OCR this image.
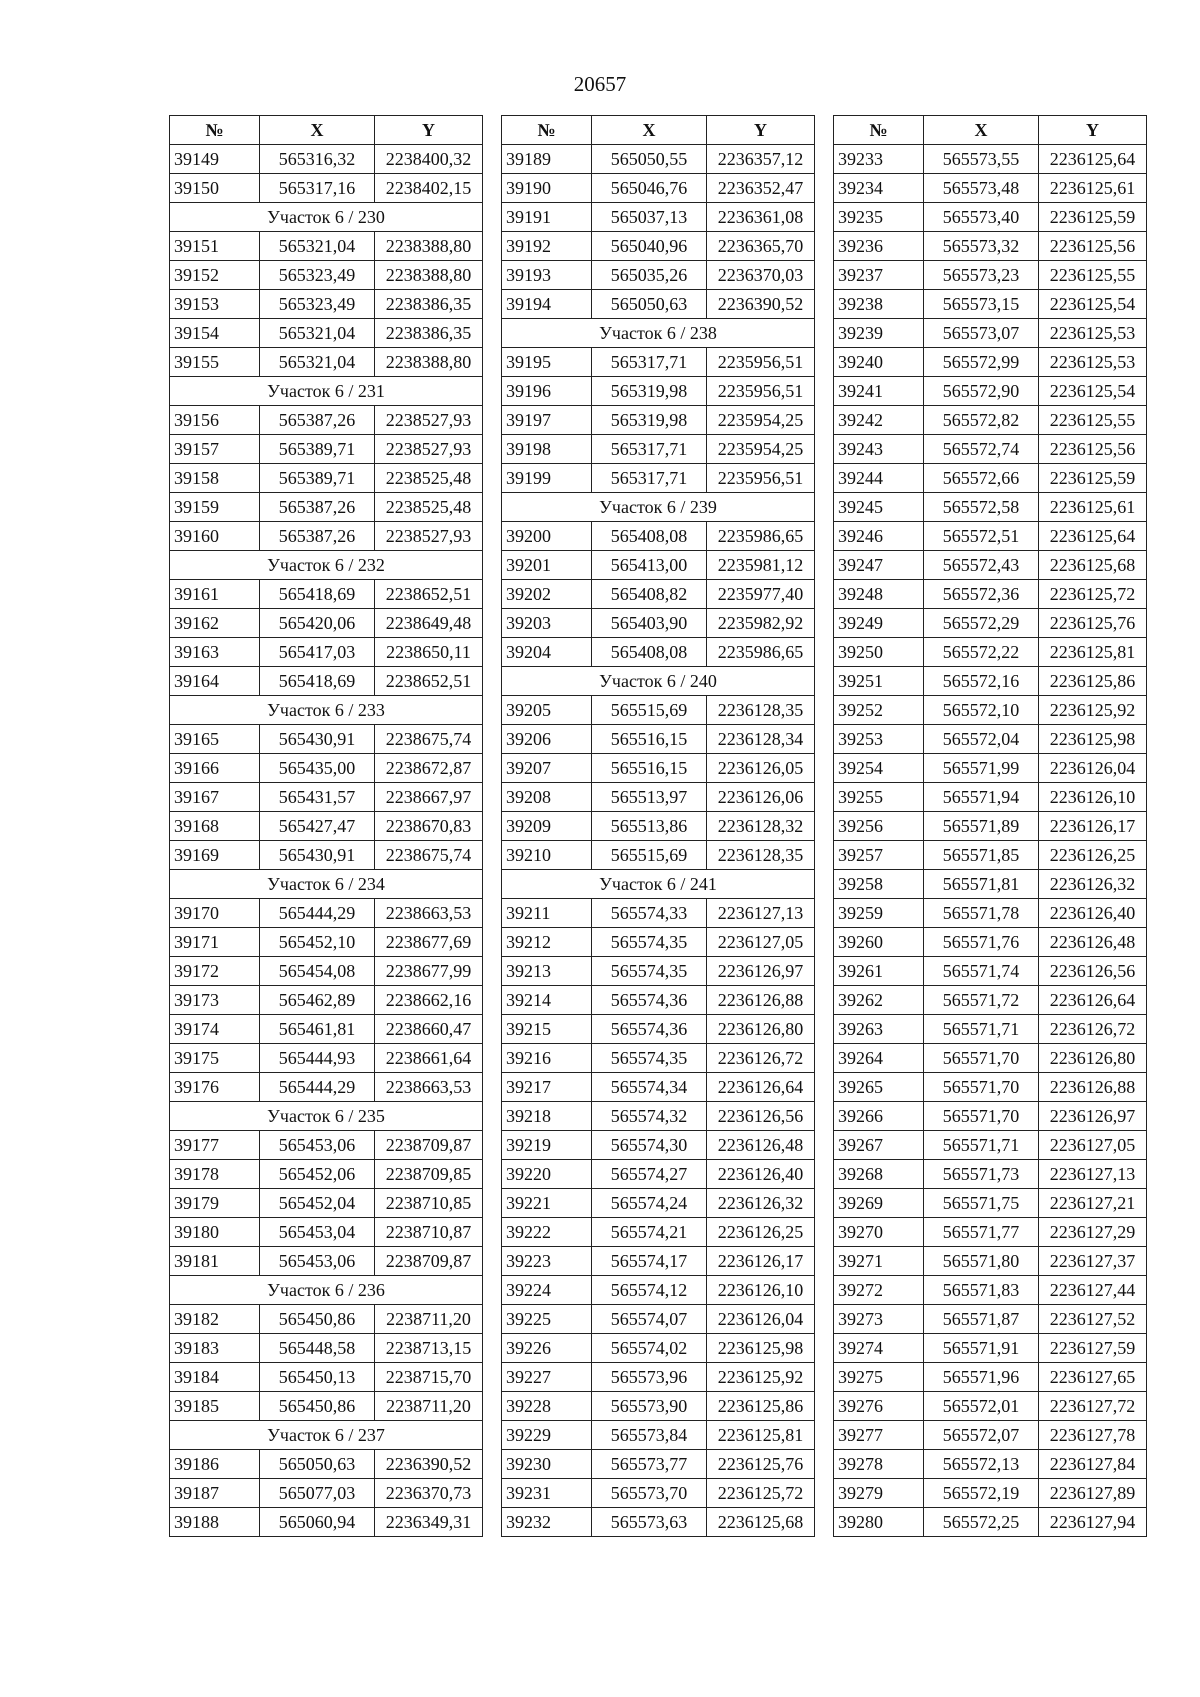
20657
№	X	Y
39149	565316,32	2238400,32
39150	565317,16	2238402,15
Участок 6 / 230		
39151	565321,04	2238388,80
39152	565323,49	2238388,80
39153	565323,49	2238386,35
39154	565321,04	2238386,35
39155	565321,04	2238388,80
Участок 6 / 231		
39156	565387,26	2238527,93
39157	565389,71	2238527,93
39158	565389,71	2238525,48
39159	565387,26	2238525,48
39160	565387,26	2238527,93
Участок 6 / 232		
39161	565418,69	2238652,51
39162	565420,06	2238649,48
39163	565417,03	2238650,11
39164	565418,69	2238652,51
Участок 6 / 233		
39165	565430,91	2238675,74
39166	565435,00	2238672,87
39167	565431,57	2238667,97
39168	565427,47	2238670,83
39169	565430,91	2238675,74
Участок 6 / 234		
39170	565444,29	2238663,53
39171	565452,10	2238677,69
39172	565454,08	2238677,99
39173	565462,89	2238662,16
39174	565461,81	2238660,47
39175	565444,93	2238661,64
39176	565444,29	2238663,53
Участок 6 / 235		
39177	565453,06	2238709,87
39178	565452,06	2238709,85
39179	565452,04	2238710,85
39180	565453,04	2238710,87
39181	565453,06	2238709,87
Участок 6 / 236		
39182	565450,86	2238711,20
39183	565448,58	2238713,15
39184	565450,13	2238715,70
39185	565450,86	2238711,20
Участок 6 / 237		
39186	565050,63	2236390,52
39187	565077,03	2236370,73
39188	565060,94	2236349,31
№	X	Y
39189	565050,55	2236357,12
39190	565046,76	2236352,47
39191	565037,13	2236361,08
39192	565040,96	2236365,70
39193	565035,26	2236370,03
39194	565050,63	2236390,52
Участок 6 / 238		
39195	565317,71	2235956,51
39196	565319,98	2235956,51
39197	565319,98	2235954,25
39198	565317,71	2235954,25
39199	565317,71	2235956,51
Участок 6 / 239		
39200	565408,08	2235986,65
39201	565413,00	2235981,12
39202	565408,82	2235977,40
39203	565403,90	2235982,92
39204	565408,08	2235986,65
Участок 6 / 240		
39205	565515,69	2236128,35
39206	565516,15	2236128,34
39207	565516,15	2236126,05
39208	565513,97	2236126,06
39209	565513,86	2236128,32
39210	565515,69	2236128,35
Участок 6 / 241		
39211	565574,33	2236127,13
39212	565574,35	2236127,05
39213	565574,35	2236126,97
39214	565574,36	2236126,88
39215	565574,36	2236126,80
39216	565574,35	2236126,72
39217	565574,34	2236126,64
39218	565574,32	2236126,56
39219	565574,30	2236126,48
39220	565574,27	2236126,40
39221	565574,24	2236126,32
39222	565574,21	2236126,25
39223	565574,17	2236126,17
39224	565574,12	2236126,10
39225	565574,07	2236126,04
39226	565574,02	2236125,98
39227	565573,96	2236125,92
39228	565573,90	2236125,86
39229	565573,84	2236125,81
39230	565573,77	2236125,76
39231	565573,70	2236125,72
39232	565573,63	2236125,68
№	X	Y
39233	565573,55	2236125,64
39234	565573,48	2236125,61
39235	565573,40	2236125,59
39236	565573,32	2236125,56
39237	565573,23	2236125,55
39238	565573,15	2236125,54
39239	565573,07	2236125,53
39240	565572,99	2236125,53
39241	565572,90	2236125,54
39242	565572,82	2236125,55
39243	565572,74	2236125,56
39244	565572,66	2236125,59
39245	565572,58	2236125,61
39246	565572,51	2236125,64
39247	565572,43	2236125,68
39248	565572,36	2236125,72
39249	565572,29	2236125,76
39250	565572,22	2236125,81
39251	565572,16	2236125,86
39252	565572,10	2236125,92
39253	565572,04	2236125,98
39254	565571,99	2236126,04
39255	565571,94	2236126,10
39256	565571,89	2236126,17
39257	565571,85	2236126,25
39258	565571,81	2236126,32
39259	565571,78	2236126,40
39260	565571,76	2236126,48
39261	565571,74	2236126,56
39262	565571,72	2236126,64
39263	565571,71	2236126,72
39264	565571,70	2236126,80
39265	565571,70	2236126,88
39266	565571,70	2236126,97
39267	565571,71	2236127,05
39268	565571,73	2236127,13
39269	565571,75	2236127,21
39270	565571,77	2236127,29
39271	565571,80	2236127,37
39272	565571,83	2236127,44
39273	565571,87	2236127,52
39274	565571,91	2236127,59
39275	565571,96	2236127,65
39276	565572,01	2236127,72
39277	565572,07	2236127,78
39278	565572,13	2236127,84
39279	565572,19	2236127,89
39280	565572,25	2236127,94
